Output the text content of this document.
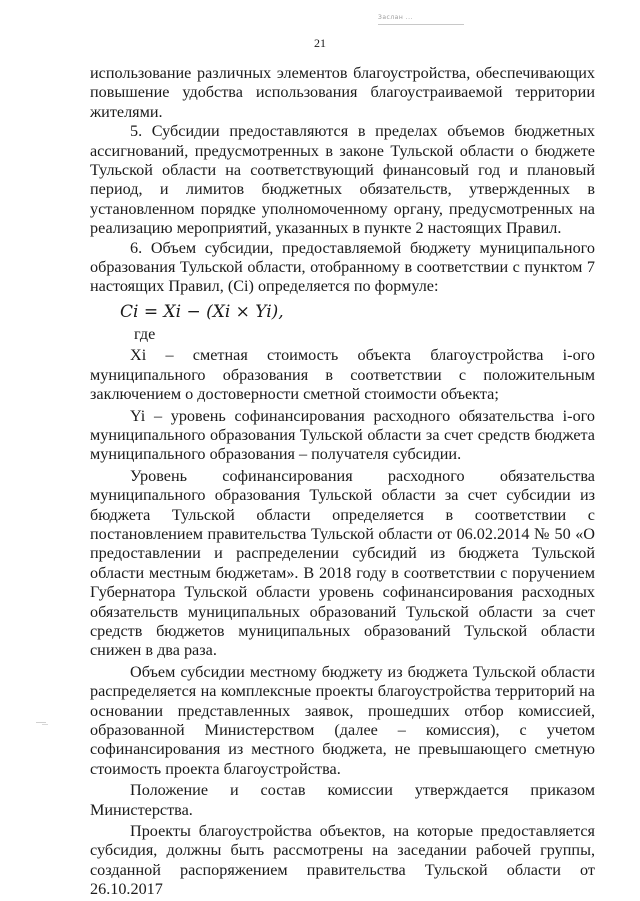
Заслан ...
21

использование различных элементов благоустройства, обеспечивающих повышение удобства использования благоустраиваемой территории жителями.

5. Субсидии предоставляются в пределах объемов бюджетных ассигнований, предусмотренных в законе Тульской области о бюджете Тульской области на соответствующий финансовый год и плановый период, и лимитов бюджетных обязательств, утвержденных в установленном порядке уполномоченному органу, предусмотренных на реализацию мероприятий, указанных в пункте 2 настоящих Правил.

6. Объем субсидии, предоставляемой бюджету муниципального образования Тульской области, отобранному в соответствии с пунктом 7 настоящих Правил, (Ci) определяется по формуле:

Ci = Xi − (Xi × Yi),

где

Xi – сметная стоимость объекта благоустройства i-ого муниципального образования в соответствии с положительным заключением о достоверности сметной стоимости объекта;

Yi – уровень софинансирования расходного обязательства i-ого муниципального образования Тульской области за счет средств бюджета муниципального образования – получателя субсидии.

Уровень софинансирования расходного обязательства муниципального образования Тульской области за счет субсидии из бюджета Тульской области определяется в соответствии с постановлением правительства Тульской области от 06.02.2014 № 50 «О предоставлении и распределении субсидий из бюджета Тульской области местным бюджетам». В 2018 году в соответствии с поручением Губернатора Тульской области уровень софинансирования расходных обязательств муниципальных образований Тульской области за счет средств бюджетов муниципальных образований Тульской области снижен в два раза.

Объем субсидии местному бюджету из бюджета Тульской области распределяется на комплексные проекты благоустройства территорий на основании представленных заявок, прошедших отбор комиссией, образованной Министерством (далее – комиссия), с учетом софинансирования из местного бюджета, не превышающего сметную стоимость проекта благоустройства.

Положение и состав комиссии утверждается приказом Министерства.

Проекты благоустройства объектов, на которые предоставляется субсидия, должны быть рассмотрены на заседании рабочей группы, созданной распоряжением правительства Тульской области от 26.10.2017
